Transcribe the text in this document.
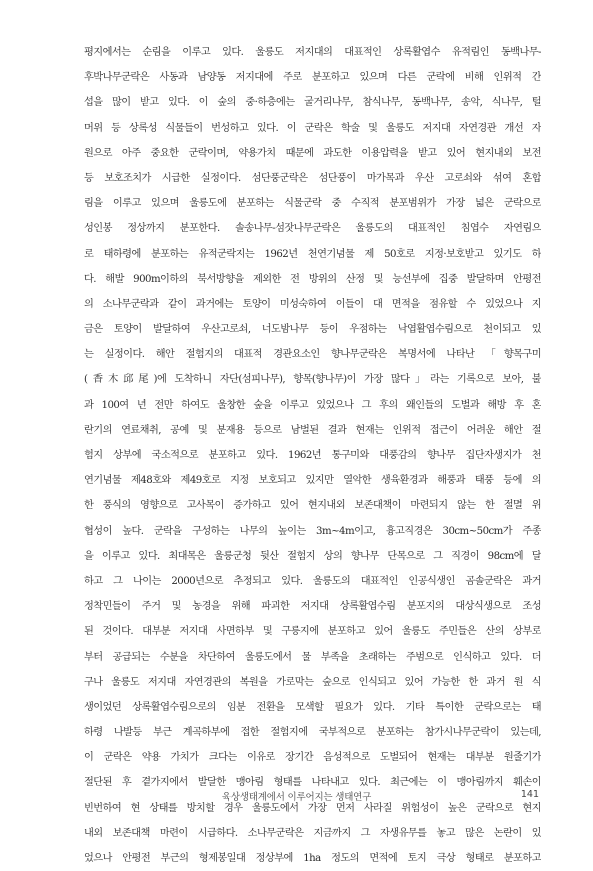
평지에서는 순림을 이루고 있다. 울릉도 저지대의 대표적인 상록활엽수 유적림인 동백나무-
후박나무군락은 사동과 남양동 저지대에 주로 분포하고 있으며 다른 군락에 비해 인위적 간
섭을 많이 받고 있다. 이 숲의 중·하층에는 굴거리나무, 참식나무, 동백나무, 송악, 식나무, 털
머위 등 상록성 식물들이 번성하고 있다. 이 군락은 학술 및 울릉도 저지대 자연경관 개선 자
원으로 아주 중요한 군락이며, 약용가치 때문에 과도한 이용압력을 받고 있어 현지내외 보전
등 보호조치가 시급한 실정이다. 섬단풍군락은 섬단풍이 마가목과 우산 고로쇠와 섞여 혼합
림을 이루고 있으며 울릉도에 분포하는 식물군락 중 수직적 분포범위가 가장 넓은 군락으로
성인봉 정상까지 분포한다. 솔송나무-섬잣나무군락은 울릉도의 대표적인 침엽수 자연림으
로 태하령에 분포하는 유적군락지는 1962년 천연기념물 제 50호로 지정·보호받고 있기도 하
다. 해발 900m이하의 북서방향을 제외한 전 방위의 산정 및 능선부에 집중 발달하며 안평전
의 소나무군락과 같이 과거에는 토양이 미성숙하여 이들이 대 면적을 점유할 수 있었으나 지
금은 토양이 발달하여 우산고로쇠, 너도밤나무 등이 우점하는 낙엽활엽수림으로 천이되고 있
는 실정이다. 해안 절험지의 대표적 경관요소인 향나무군락은 복명서에 나타난 「향목구미
(香木邱尾)에 도착하니 자단(섬피나무), 향목(향나무)이 가장 많다」라는 기록으로 보아, 불
과 100여 년 전만 하여도 울창한 숲을 이루고 있었으나 그 후의 왜인들의 도벌과 해방 후 혼
란기의 연료채취, 공예 및 분재용 등으로 남벌된 결과 현재는 인위적 접근이 어려운 해안 절
험지 상부에 국소적으로 분포하고 있다. 1962년 통구미와 대풍감의 향나무 집단자생지가 천
연기념물 제48호와 제49호로 지정 보호되고 있지만 열악한 생육환경과 해풍과 태풍 등에 의
한 풍식의 영향으로 고사목이 증가하고 있어 현지내외 보존대책이 마련되지 않는 한 절멸 위
협성이 높다. 군락을 구성하는 나무의 높이는 3m~4m이고, 흉고직경은 30cm~50cm가 주종
을 이루고 있다. 최대목은 울릉군청 뒷산 절험지 상의 향나무 단목으로 그 직경이 98cm에 달
하고 그 나이는 2000년으로 추정되고 있다. 울릉도의 대표적인 인공식생인 곰솔군락은 과거
정착민들이 주거 및 농경을 위해 파괴한 저지대 상록활엽수림 분포지의 대상식생으로 조성
된 것이다. 대부분 저지대 사면하부 및 구릉지에 분포하고 있어 울릉도 주민들은 산의 상부로
부터 공급되는 수분을 차단하여 울릉도에서 물 부족을 초래하는 주범으로 인식하고 있다. 더
구나 울릉도 저지대 자연경관의 복원을 가로막는 숲으로 인식되고 있어 가능한 한 과거 원 식
생이었던 상록활엽수림으로의 임분 전환을 모색할 필요가 있다. 기타 특이한 군락으로는 태
하령 나발등 부근 계곡하부에 접한 절험지에 국부적으로 분포하는 참가시나무군락이 있는데,
이 군락은 약용 가치가 크다는 이유로 장기간 음성적으로 도벌되어 현재는 대부분 원줄기가
절단된 후 곁가지에서 발달한 맹아림 형태를 나타내고 있다. 최근에는 이 맹아림까지 훼손이
빈번하여 현 상태를 방치할 경우 울릉도에서 가장 먼저 사라질 위험성이 높은 군락으로 현지
내외 보존대책 마련이 시급하다. 소나무군락은 지금까지 그 자생유무를 놓고 많은 논란이 있
었으나 안평전 부근의 형제봉일대 정상부에 1ha 정도의 면적에 토지 극상 형태로 분포하고
육상생태계에서 이루어지는 생태연구	141
